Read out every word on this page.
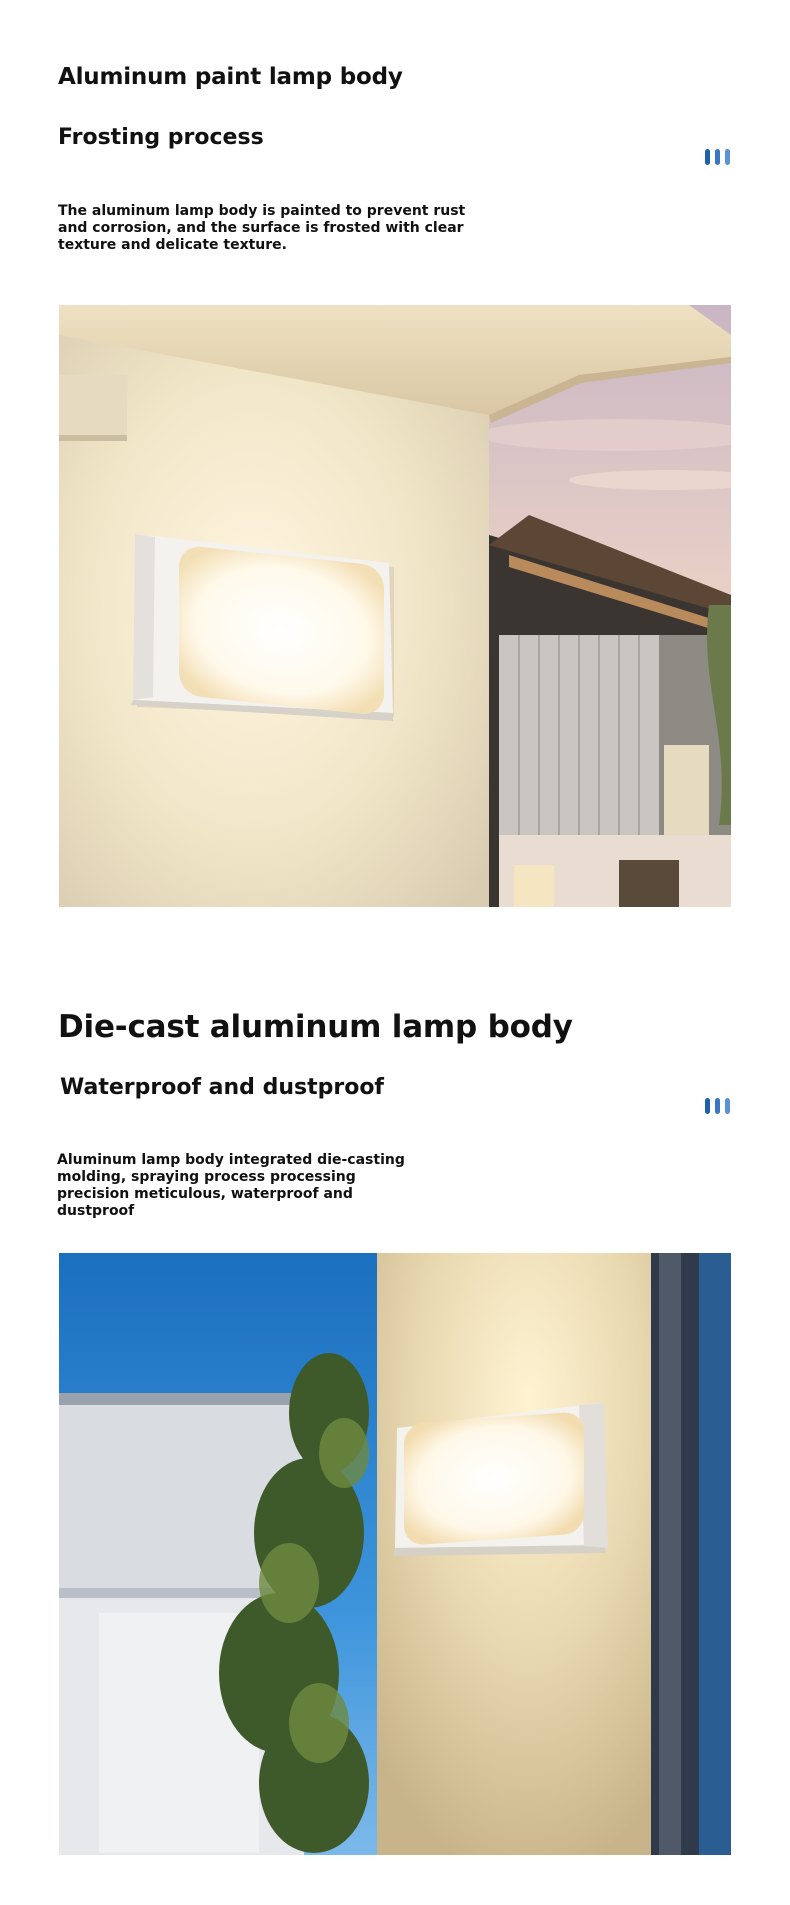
Aluminum paint lamp body
Frosting process
The aluminum lamp body is painted to prevent rust and corrosion, and the surface is frosted with clear texture and delicate texture.
Die-cast aluminum lamp body
Waterproof and dustproof
Aluminum lamp body integrated die-casting molding, spraying process processing precision meticulous, waterproof and dustproof
